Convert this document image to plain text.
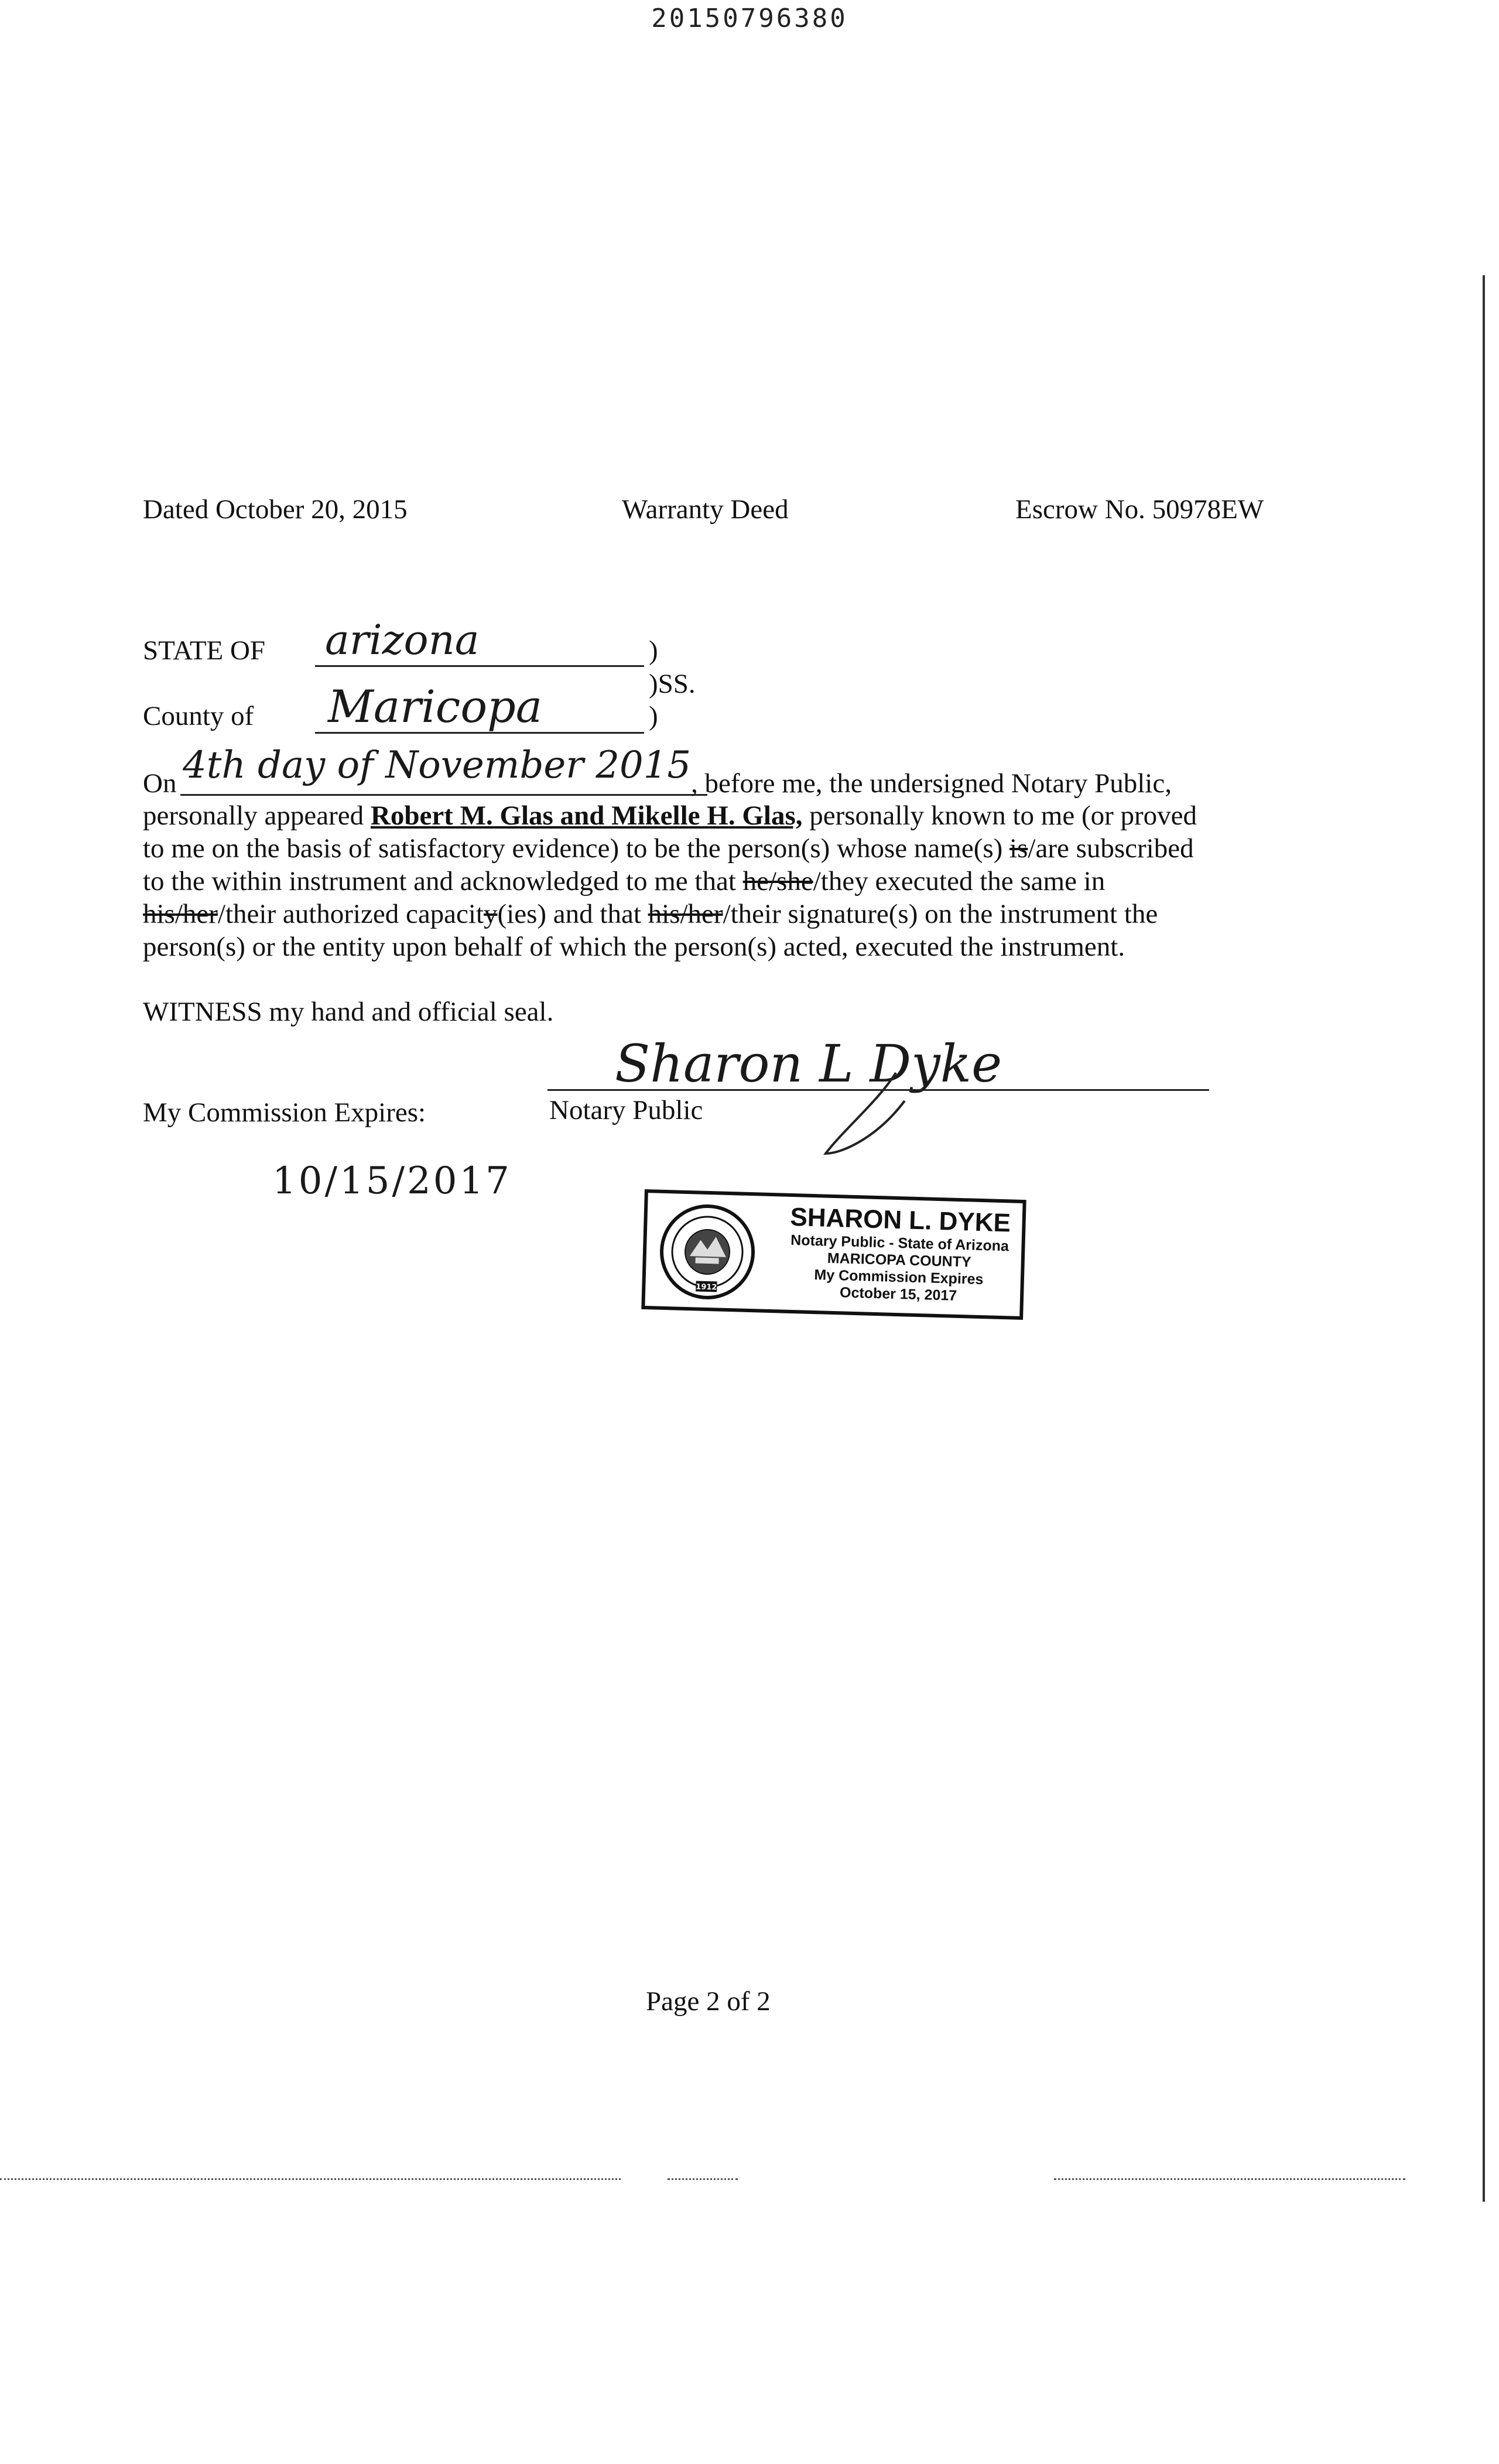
20150796380
Dated October 20, 2015	Warranty Deed	Escrow No. 50978EW
STATE OF arizona	)
)SS.
County of Maricopa	)
On 4th day of November 2015 , before me, the undersigned Notary Public,
personally appeared Robert M. Glas and Mikelle H. Glas, personally known to me (or proved
to me on the basis of satisfactory evidence) to be the person(s) whose name(s) is/are subscribed
to the within instrument and acknowledged to me that he/she/they executed the same in
his/her/their authorized capacity(ies) and that his/her/their signature(s) on the instrument the
person(s) or the entity upon behalf of which the person(s) acted, executed the instrument.
WITNESS my hand and official seal.
Sharon L Dyke
My Commission Expires:	Notary Public
10/15/2017
1912
SHARON L. DYKE
Notary Public - State of Arizona
MARICOPA COUNTY
My Commission Expires
October 15, 2017
Page 2 of 2
